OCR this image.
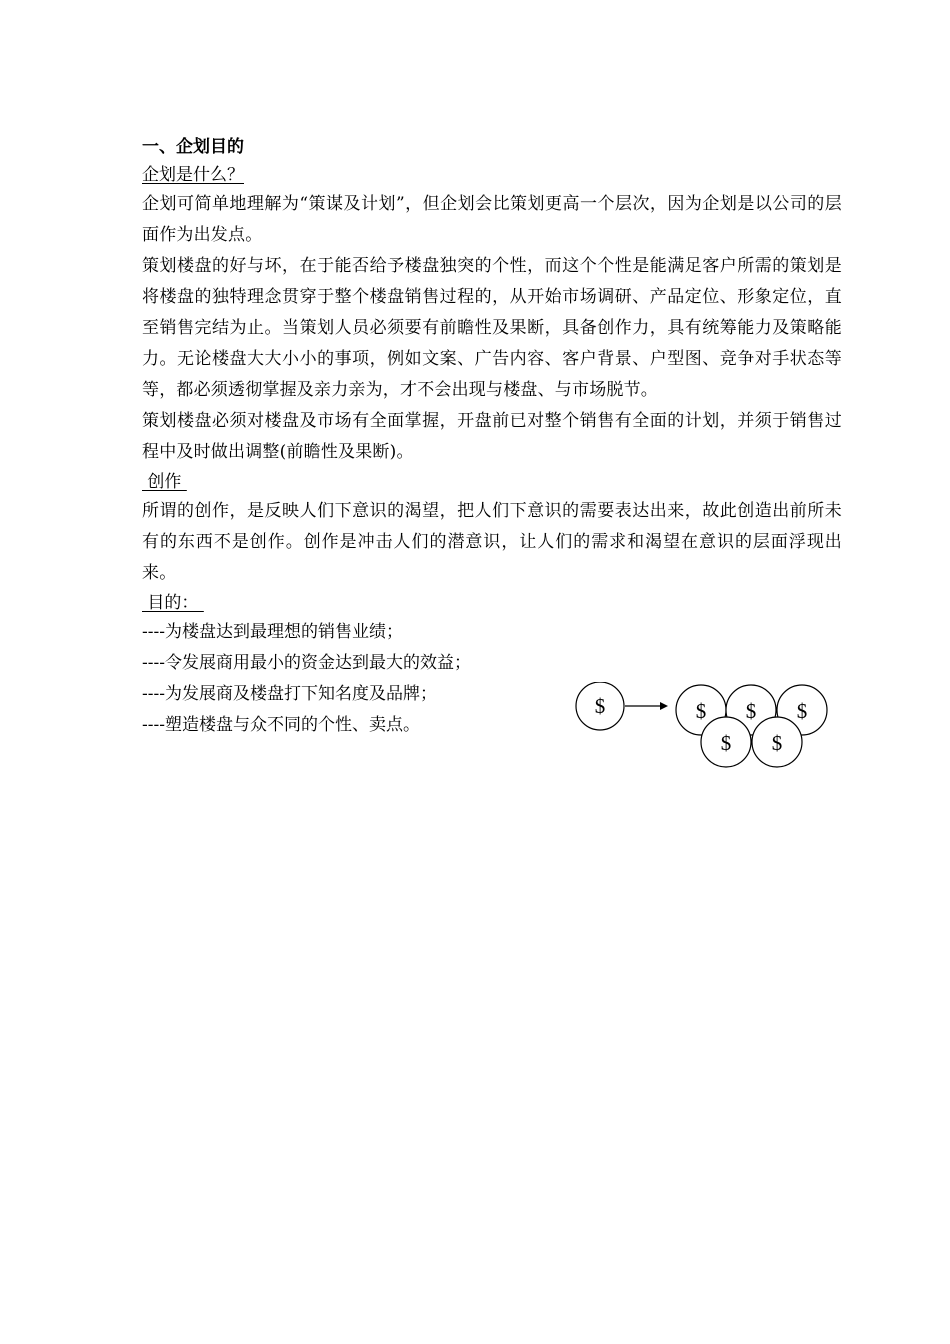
一、企划目的

企划是什么？

企划可简单地理解为“策谋及计划”，但企划会比策划更高一个层次，因为企划是以公司的层面作为出发点。

策划楼盘的好与坏，在于能否给予楼盘独突的个性，而这个个性是能满足客户所需的策划是将楼盘的独特理念贯穿于整个楼盘销售过程的，从开始市场调研、产品定位、形象定位，直至销售完结为止。当策划人员必须要有前瞻性及果断，具备创作力，具有统筹能力及策略能力。无论楼盘大大小小的事项，例如文案、广告内容、客户背景、户型图、竞争对手状态等等，都必须透彻掌握及亲力亲为，才不会出现与楼盘、与市场脱节。

策划楼盘必须对楼盘及市场有全面掌握，开盘前已对整个销售有全面的计划，并须于销售过程中及时做出调整(前瞻性及果断)。

创作

所谓的创作，是反映人们下意识的渴望，把人们下意识的需要表达出来，故此创造出前所未有的东西不是创作。创作是冲击人们的潜意识，让人们的需求和渴望在意识的层面浮现出来。

目的：

----为楼盘达到最理想的销售业绩；
----令发展商用最小的资金达到最大的效益；
----为发展商及楼盘打下知名度及品牌；
----塑造楼盘与众不同的个性、卖点。
$	$ $ $
$ $
